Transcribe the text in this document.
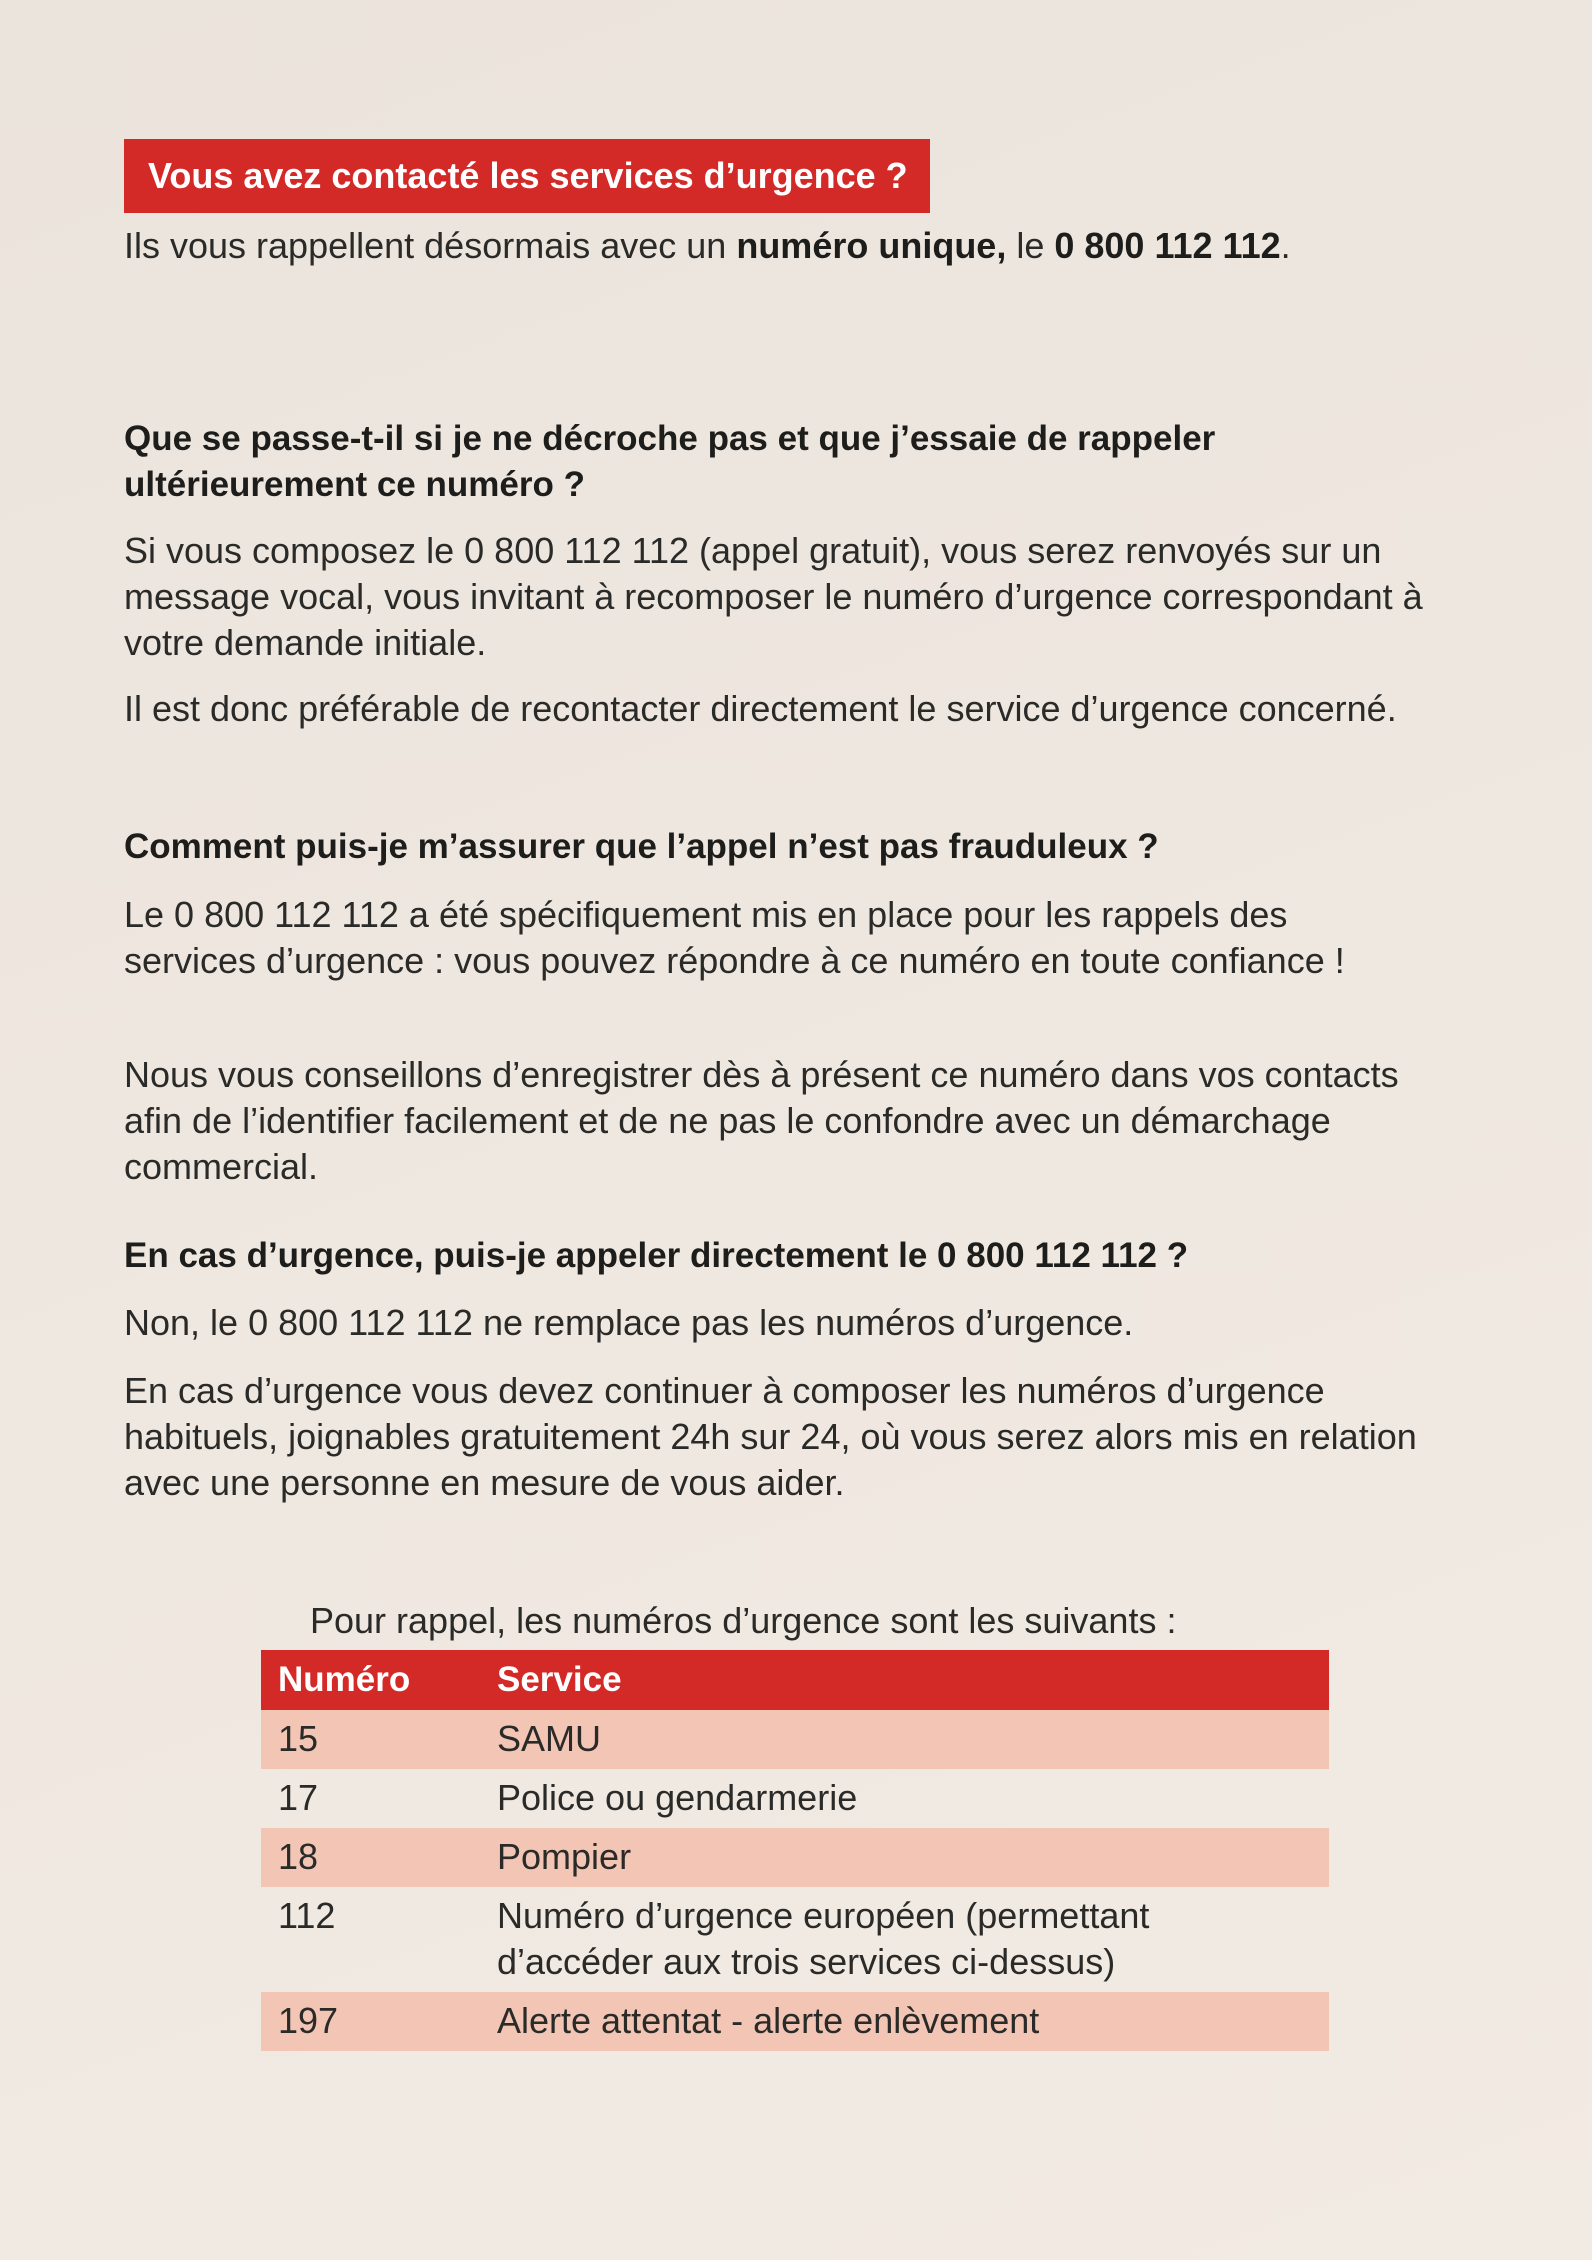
Vous avez contacté les services d’urgence ?
Ils vous rappellent désormais avec un numéro unique, le 0 800 112 112.
Que se passe-t-il si je ne décroche pas et que j’essaie de rappeler ultérieurement ce numéro ?
Si vous composez le 0 800 112 112 (appel gratuit), vous serez renvoyés sur un message vocal, vous invitant à recomposer le numéro d’urgence correspondant à votre demande initiale.
Il est donc préférable de recontacter directement le service d’urgence concerné.
Comment puis-je m’assurer que l’appel n’est pas frauduleux ?
Le 0 800 112 112 a été spécifiquement mis en place pour les rappels des services d’urgence : vous pouvez répondre à ce numéro en toute confiance !
Nous vous conseillons d’enregistrer dès à présent ce numéro dans vos contacts afin de l’identifier facilement et de ne pas le confondre avec un démarchage commercial.
En cas d’urgence, puis-je appeler directement le 0 800 112 112 ?
Non, le 0 800 112 112 ne remplace pas les numéros d’urgence.
En cas d’urgence vous devez continuer à composer les numéros d’urgence habituels, joignables gratuitement 24h sur 24, où vous serez alors mis en relation avec une personne en mesure de vous aider.
Pour rappel, les numéros d’urgence sont les suivants :
Numéro	Service
15	SAMU
17	Police ou gendarmerie
18	Pompier
112	Numéro d’urgence européen (permettant d’accéder aux trois services ci-dessus)
197	Alerte attentat - alerte enlèvement
